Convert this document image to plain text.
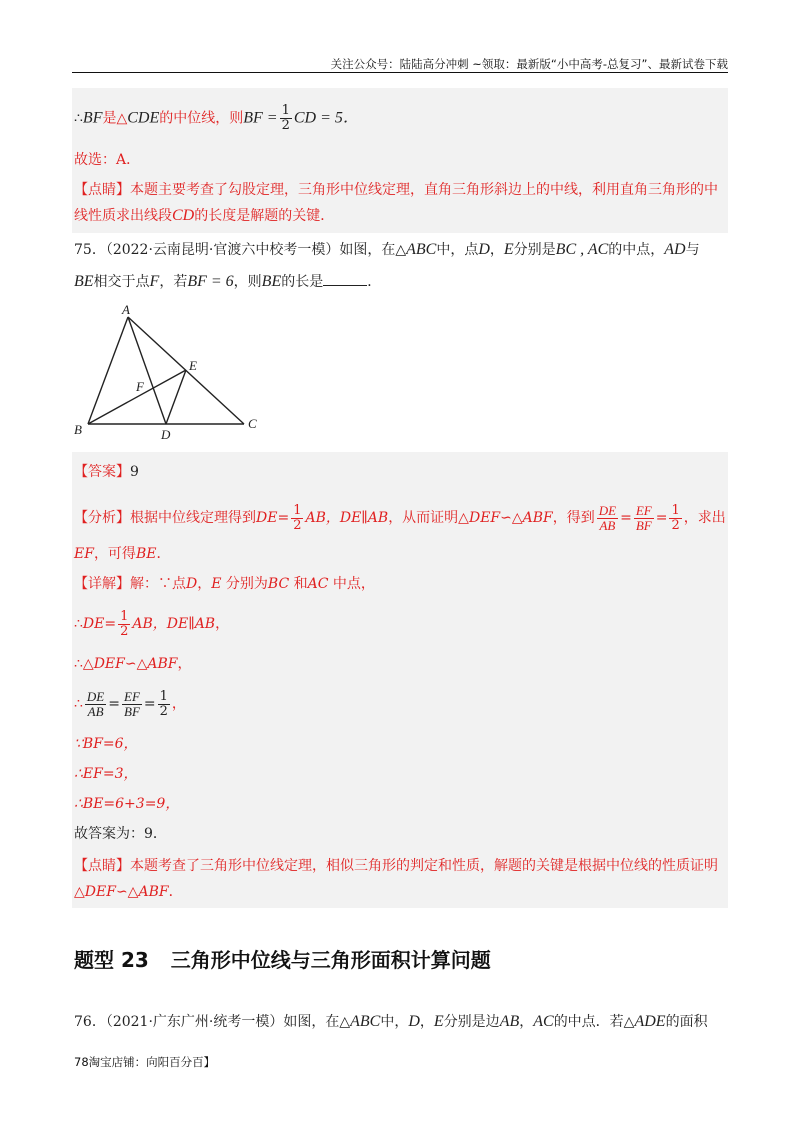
关注公众号：陆陆高分冲刺 ~领取：最新版“小中高考-总复习”、最新试卷下载
∴BF是△CDE的中位线，则BF = $\frac{1}{2}$ CD = 5．
故选：A．
【点睛】本题主要考查了勾股定理，三角形中位线定理，直角三角形斜边上的中线，利用直角三角形的中
线性质求出线段CD的长度是解题的关键．
75．（2022·云南昆明·官渡六中校考一模）如图，在△ABC中，点D，E分别是BC , AC的中点，AD与
BE相交于点F，若BF = 6，则BE的长是	．
A
B	C
D
E
F
【答案】9
【分析】根据中位线定理得到$DE= \frac{1}{2}$ AB，DE∥AB，从而证明△DEF∽△ABF，得到 $\frac{DE}{AB} = \frac{EF}{BF} = \frac{1}{2}$ ，求出
EF，可得BE．
【详解】解：∵点D，E 分别为BC 和AC 中点，
∴DE= $\frac{1}{2}$ AB，DE∥AB，
∴△DEF∽△ABF，
∴ $\frac{DE}{AB} = \frac{EF}{BF} = \frac{1}{2}$ ，
∵BF=6，
∴EF=3，
∴BE=6+3=9，
故答案为：9．
【点睛】本题考查了三角形中位线定理，相似三角形的判定和性质，解题的关键是根据中位线的性质证明
△DEF∽△ABF．
题型 23 三角形中位线与三角形面积计算问题
76．（2021·广东广州·统考一模）如图，在△ABC中，D，E分别是边AB，AC的中点．若△ADE的面积
78淘宝店铺：向阳百分百】
